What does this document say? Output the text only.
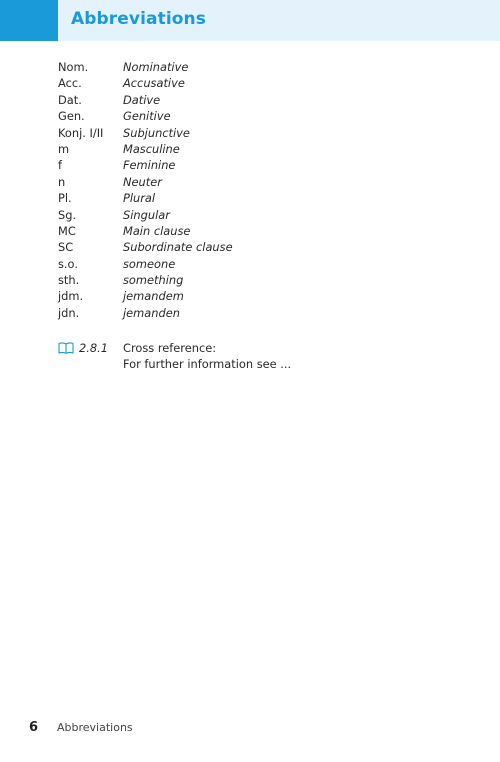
Abbreviations
Nom.	Nominative
Acc.	Accusative
Dat.	Dative
Gen.	Genitive
Konj. I/II	Subjunctive
m	Masculine
f	Feminine
n	Neuter
Pl.	Plural
Sg.	Singular
MC	Main clause
SC	Subordinate clause
s.o.	someone
sth.	something
jdm.	jemandem
jdn.	jemanden
2.8.1 Cross reference:
For further information see ...
6 Abbreviations
